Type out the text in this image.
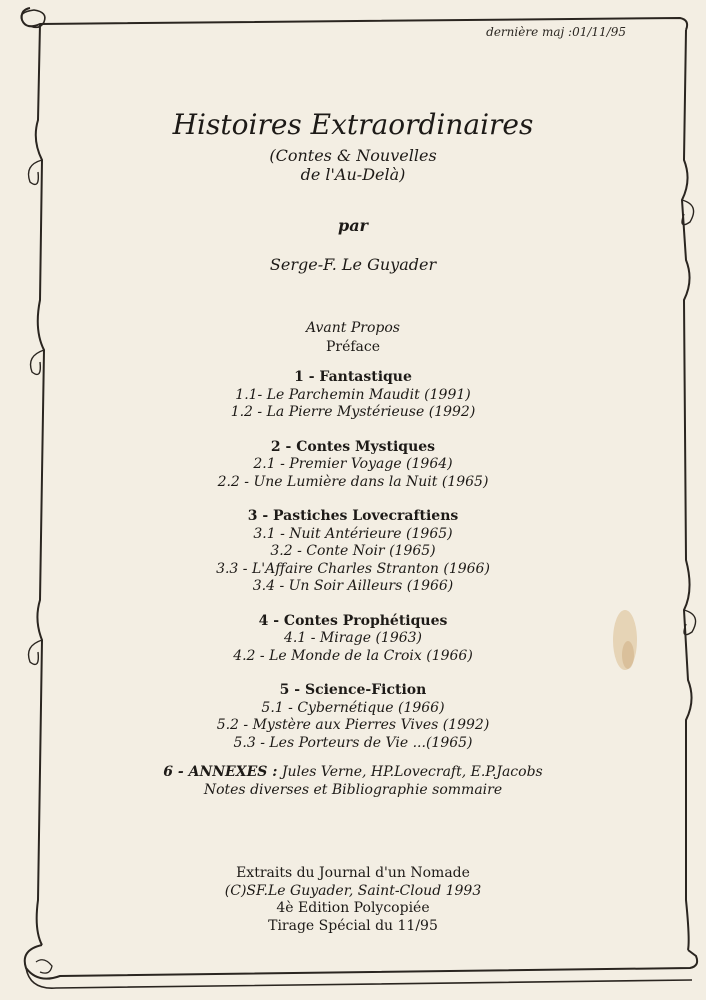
dernière maj :01/11/95
Histoires Extraordinaires
(Contes & Nouvelles
de l'Au-Delà)
par
Serge-F. Le Guyader
Avant Propos
Préface
1 - Fantastique
1.1- Le Parchemin Maudit (1991)
1.2 - La Pierre Mystérieuse (1992)
2 - Contes Mystiques
2.1 - Premier Voyage (1964)
2.2 - Une Lumière dans la Nuit (1965)
3 - Pastiches Lovecraftiens
3.1 - Nuit Antérieure (1965)
3.2 - Conte Noir (1965)
3.3 - L'Affaire Charles Stranton (1966)
3.4 - Un Soir Ailleurs (1966)
4 - Contes Prophétiques
4.1 - Mirage (1963)
4.2 - Le Monde de la Croix (1966)
5 - Science-Fiction
5.1 - Cybernétique (1966)
5.2 - Mystère aux Pierres Vives (1992)
5.3 - Les Porteurs de Vie ...(1965)
6 - ANNEXES : Jules Verne, HP.Lovecraft, E.P.Jacobs
Notes diverses et Bibliographie sommaire
Extraits du Journal d'un Nomade
(C)SF.Le Guyader, Saint-Cloud 1993
4è Edition Polycopiée
Tirage Spécial du 11/95
